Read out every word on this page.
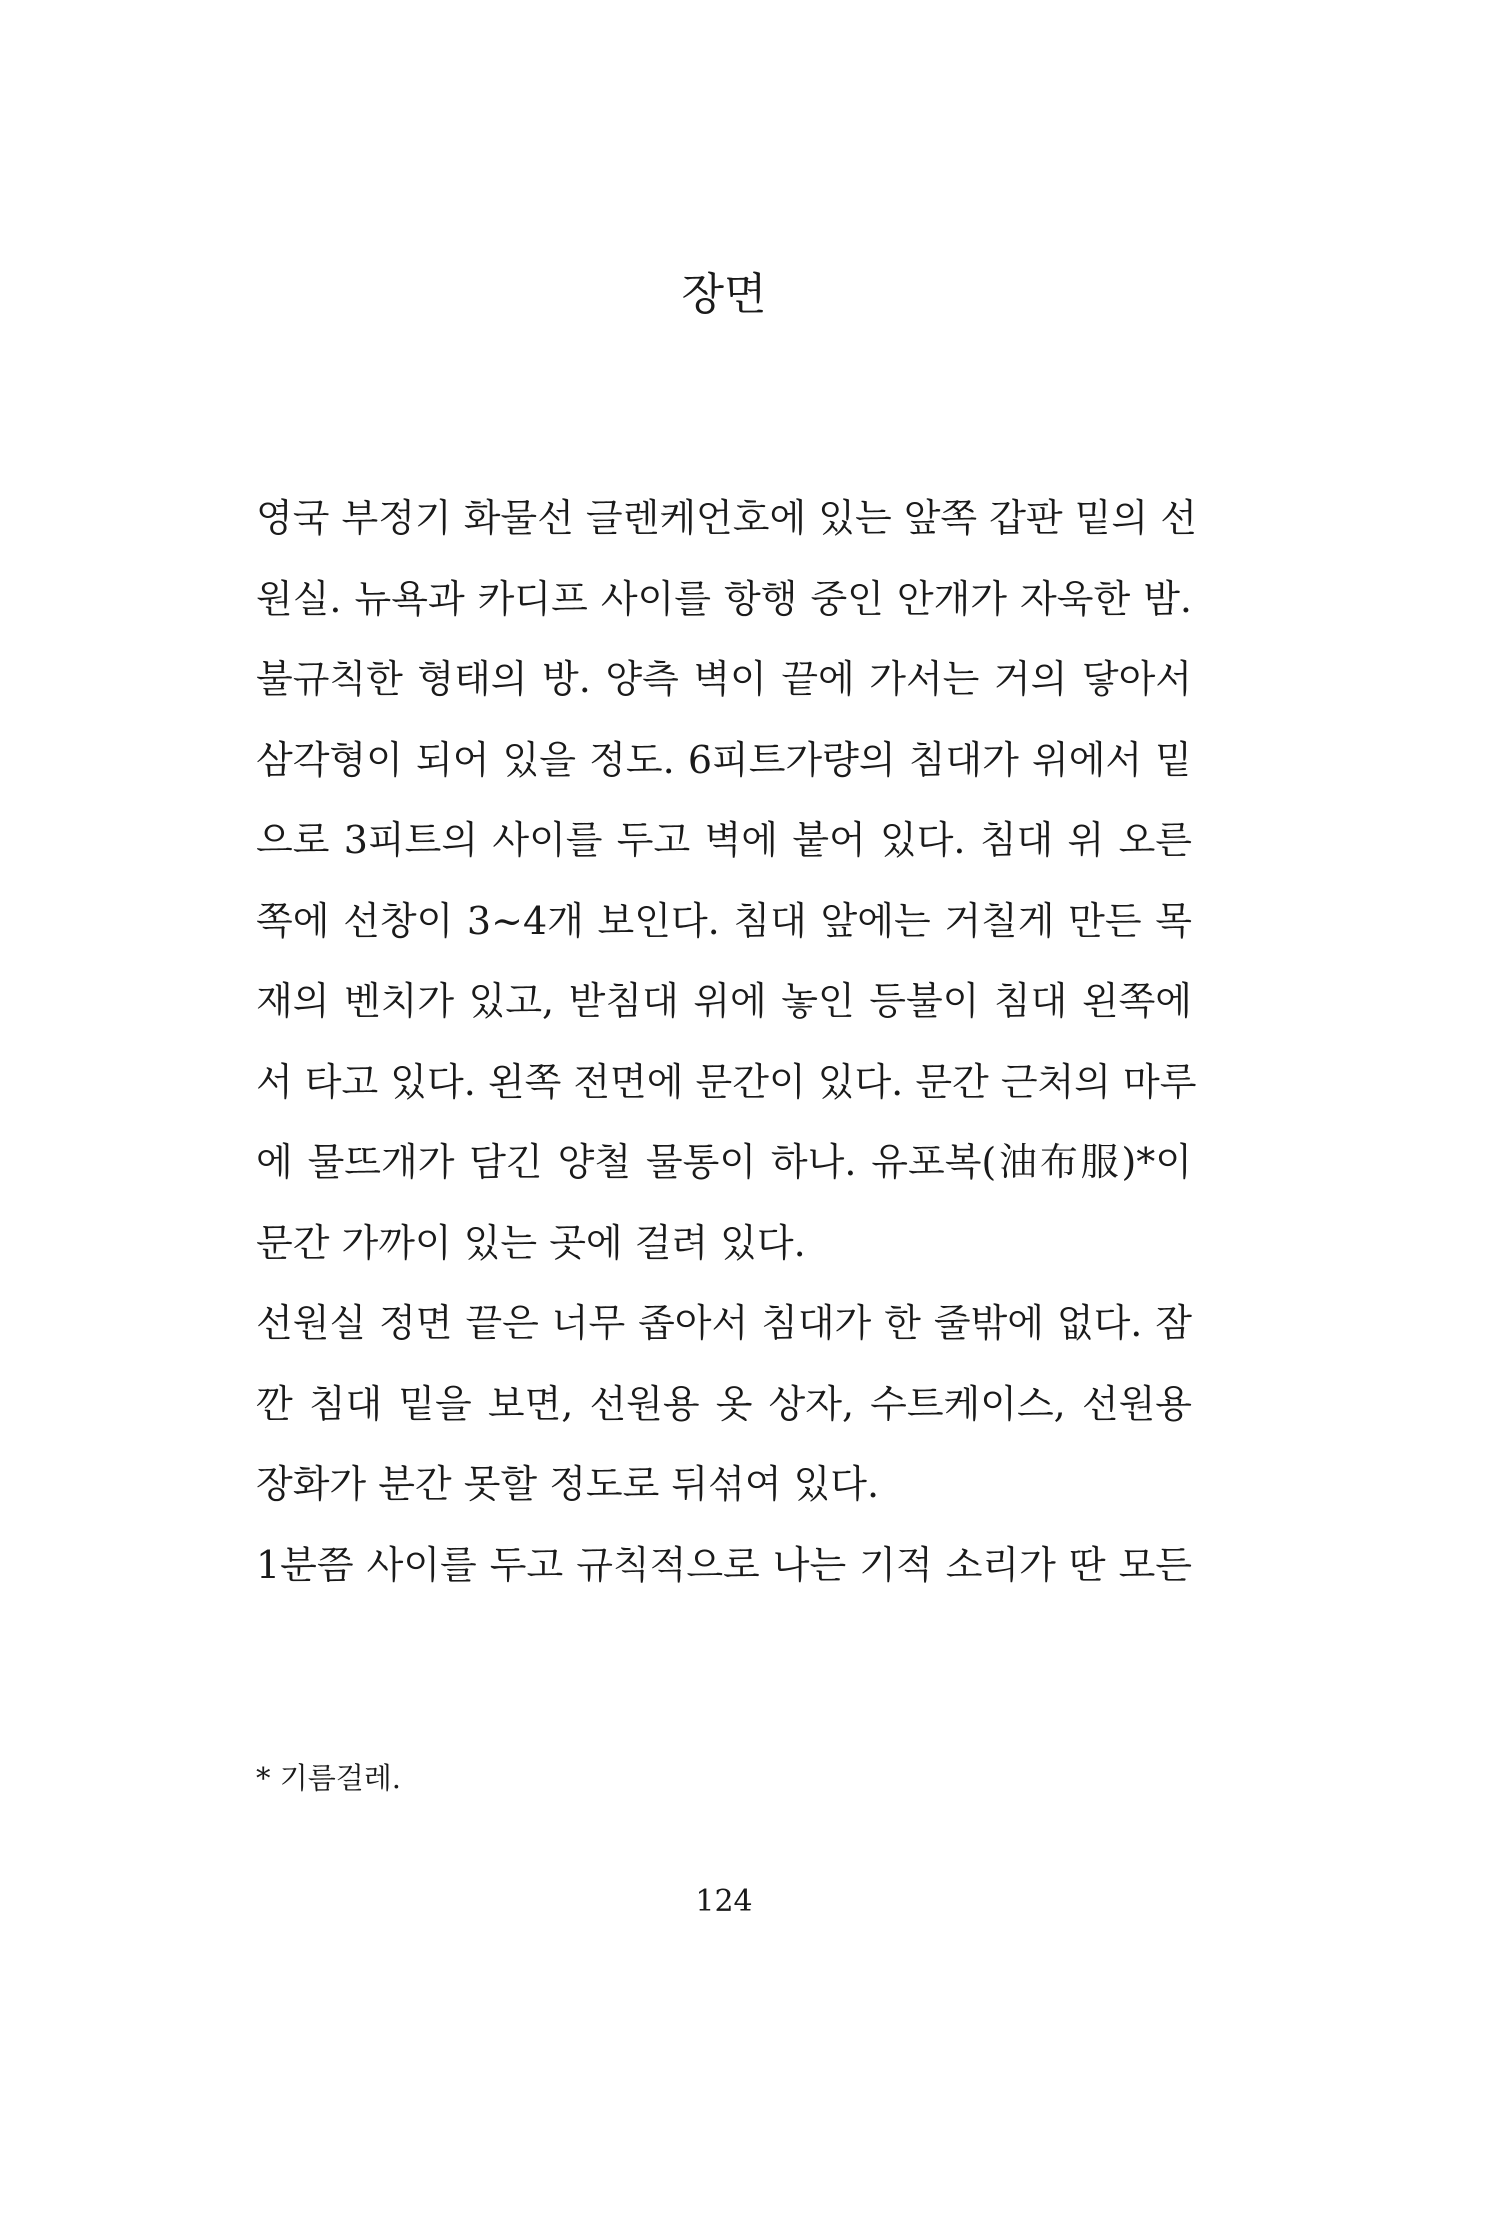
장면
영국 부정기 화물선 글렌케언호에 있는 앞쪽 갑판 밑의 선
원실. 뉴욕과 카디프 사이를 항행 중인 안개가 자욱한 밤.
불규칙한 형태의 방. 양측 벽이 끝에 가서는 거의 닿아서
삼각형이 되어 있을 정도. 6피트가량의 침대가 위에서 밑
으로 3피트의 사이를 두고 벽에 붙어 있다. 침대 위 오른
쪽에 선창이 3~4개 보인다. 침대 앞에는 거칠게 만든 목
재의 벤치가 있고, 받침대 위에 놓인 등불이 침대 왼쪽에
서 타고 있다. 왼쪽 전면에 문간이 있다. 문간 근처의 마루
에 물뜨개가 담긴 양철 물통이 하나. 유포복(油布服)*이
문간 가까이 있는 곳에 걸려 있다.
선원실 정면 끝은 너무 좁아서 침대가 한 줄밖에 없다. 잠
깐 침대 밑을 보면, 선원용 옷 상자, 수트케이스, 선원용
장화가 분간 못할 정도로 뒤섞여 있다.
1분쯤 사이를 두고 규칙적으로 나는 기적 소리가 딴 모든
* 기름걸레.
124
